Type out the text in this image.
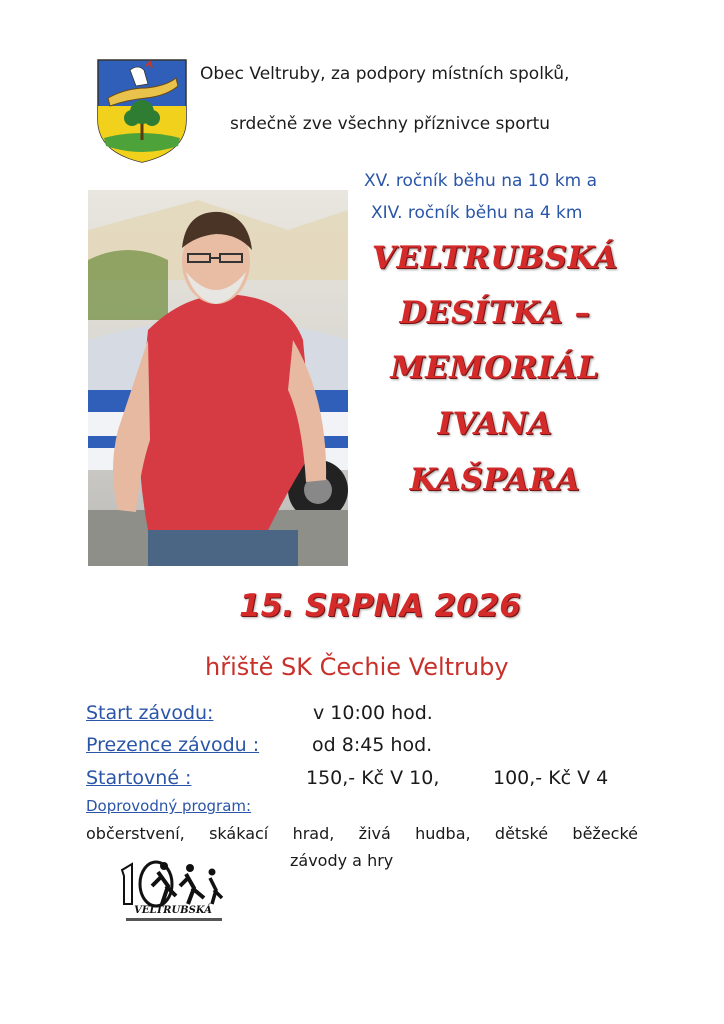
Obec Veltruby, za podpory místních spolků,
srdečně zve všechny příznivce sportu
XV. ročník běhu na 10 km a
XIV. ročník běhu na 4 km
VELTRUBSKÁ
DESÍTKA –
MEMORIÁL
IVANA
KAŠPARA
15. SRPNA 2026
hřiště SK Čechie Veltruby
Start závodu:	v 10:00 hod.
Prezence závodu :	od 8:45 hod.
Startovné :	150,- Kč V 10,	100,- Kč V 4
Doprovodný program:
občerstvení, skákací hrad, živá hudba, dětské běžecké
závody a hry
VELTRUBSKÁ
